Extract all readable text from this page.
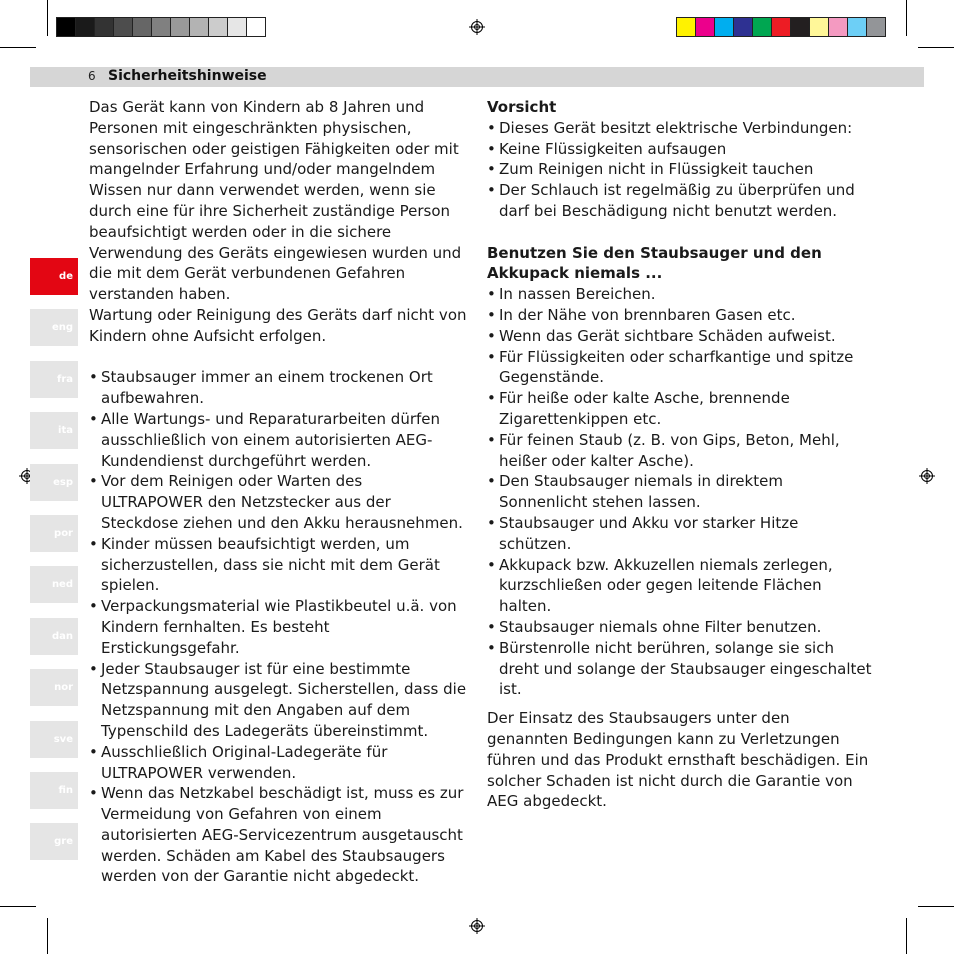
6 Sicherheitshinweise
de
eng
fra
ita
esp
por
ned
dan
nor
sve
fin
gre

Das Gerät kann von Kindern ab 8 Jahren und Personen mit eingeschränkten physischen, sensorischen oder geistigen Fähigkeiten oder mit mangelnder Erfahrung und/oder mangelndem Wissen nur dann verwendet werden, wenn sie durch eine für ihre Sicherheit zuständige Person beaufsichtigt werden oder in die sichere Verwendung des Geräts eingewiesen wurden und die mit dem Gerät verbundenen Gefahren verstanden haben.

Wartung oder Reinigung des Geräts darf nicht von Kindern ohne Aufsicht erfolgen.

• Staubsauger immer an einem trockenen Ort aufbewahren.
• Alle Wartungs- und Reparaturarbeiten dürfen ausschließlich von einem autorisierten AEG-Kundendienst durchgeführt werden.
• Vor dem Reinigen oder Warten des ULTRAPOWER den Netzstecker aus der Steckdose ziehen und den Akku herausnehmen.
• Kinder müssen beaufsichtigt werden, um sicherzustellen, dass sie nicht mit dem Gerät spielen.
• Verpackungsmaterial wie Plastikbeutel u.ä. von Kindern fernhalten. Es besteht Erstickungsgefahr.
• Jeder Staubsauger ist für eine bestimmte Netzspannung ausgelegt. Sicherstellen, dass die Netzspannung mit den Angaben auf dem Typenschild des Ladegeräts übereinstimmt.
• Ausschließlich Original-Ladegeräte für ULTRAPOWER verwenden.
• Wenn das Netzkabel beschädigt ist, muss es zur Vermeidung von Gefahren von einem autorisierten AEG-Servicezentrum ausgetauscht werden. Schäden am Kabel des Staubsaugers werden von der Garantie nicht abgedeckt.

Vorsicht

• Dieses Gerät besitzt elektrische Verbindungen:
• Keine Flüssigkeiten aufsaugen
• Zum Reinigen nicht in Flüssigkeit tauchen
• Der Schlauch ist regelmäßig zu überprüfen und darf bei Beschädigung nicht benutzt werden.

Benutzen Sie den Staubsauger und den Akkupack niemals ...

• In nassen Bereichen.
• In der Nähe von brennbaren Gasen etc.
• Wenn das Gerät sichtbare Schäden aufweist.
• Für Flüssigkeiten oder scharfkantige und spitze Gegenstände.
• Für heiße oder kalte Asche, brennende Zigarettenkippen etc.
• Für feinen Staub (z. B. von Gips, Beton, Mehl, heißer oder kalter Asche).
• Den Staubsauger niemals in direktem Sonnenlicht stehen lassen.
• Staubsauger und Akku vor starker Hitze schützen.
• Akkupack bzw. Akkuzellen niemals zerlegen, kurzschließen oder gegen leitende Flächen halten.
• Staubsauger niemals ohne Filter benutzen.
• Bürstenrolle nicht berühren, solange sie sich dreht und solange der Staubsauger eingeschaltet ist.

Der Einsatz des Staubsaugers unter den genannten Bedingungen kann zu Verletzungen führen und das Produkt ernsthaft beschädigen. Ein solcher Schaden ist nicht durch die Garantie von AEG abgedeckt.
